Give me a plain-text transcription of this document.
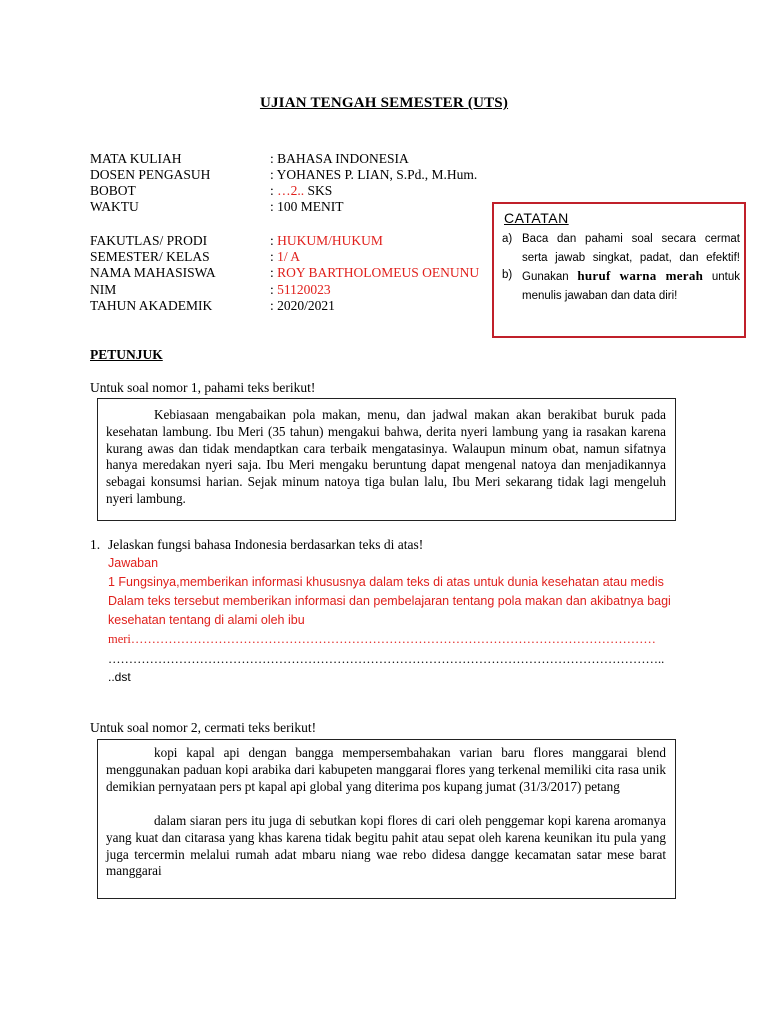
UJIAN TENGAH SEMESTER (UTS)
MATA KULIAH	: BAHASA INDONESIA
DOSEN PENGASUH	: YOHANES P. LIAN, S.Pd., M.Hum.
BOBOT	: …2.. SKS
WAKTU	: 100 MENIT
FAKUTLAS/ PRODI	: HUKUM/HUKUM
SEMESTER/ KELAS	: 1/ A
NAMA MAHASISWA	: ROY BARTHOLOMEUS OENUNU
NIM	: 51120023
TAHUN AKADEMIK	: 2020/2021
CATATAN
a) Baca dan pahami soal secara cermat
serta jawab singkat, padat, dan efektif!
b) Gunakan huruf warna merah untuk
menulis jawaban dan data diri!
PETUNJUK
Untuk soal nomor 1, pahami teks berikut!
Kebiasaan mengabaikan pola makan, menu, dan jadwal makan akan berakibat buruk pada kesehatan lambung. Ibu Meri (35 tahun) mengakui bahwa, derita nyeri lambung yang ia rasakan karena kurang awas dan tidak mendaptkan cara terbaik mengatasinya. Walaupun minum obat, namun sifatnya hanya meredakan nyeri saja. Ibu Meri mengaku beruntung dapat mengenal natoya dan menjadikannya sebagai konsumsi harian. Sejak minum natoya tiga bulan lalu, Ibu Meri sekarang tidak lagi mengeluh nyeri lambung.
1. Jelaskan fungsi bahasa Indonesia berdasarkan teks di atas!
Jawaban
1 Fungsinya,memberikan informasi khususnya dalam teks di atas untuk dunia kesehatan atau medis
Dalam teks tersebut memberikan informasi dan pembelajaran tentang pola makan dan akibatnya bagi
kesehatan tentang di alami oleh ibu
meri………………………………………………………………………………………………………………
……………………………………………………………………………………………………………………..
..dst
Untuk soal nomor 2, cermati teks berikut!
kopi kapal api dengan bangga mempersembahakan varian baru flores manggarai blend menggunakan paduan kopi arabika dari kabupeten manggarai flores yang terkenal memiliki cita rasa unik demikian pernyataan pers pt kapal api global yang diterima pos kupang jumat (31/3/2017) petang
dalam siaran pers itu juga di sebutkan kopi flores di cari oleh penggemar kopi karena aromanya yang kuat dan citarasa yang khas karena tidak begitu pahit atau sepat oleh karena keunikan itu pula yang juga tercermin melalui rumah adat mbaru niang wae rebo didesa dangge kecamatan satar mese barat manggarai
